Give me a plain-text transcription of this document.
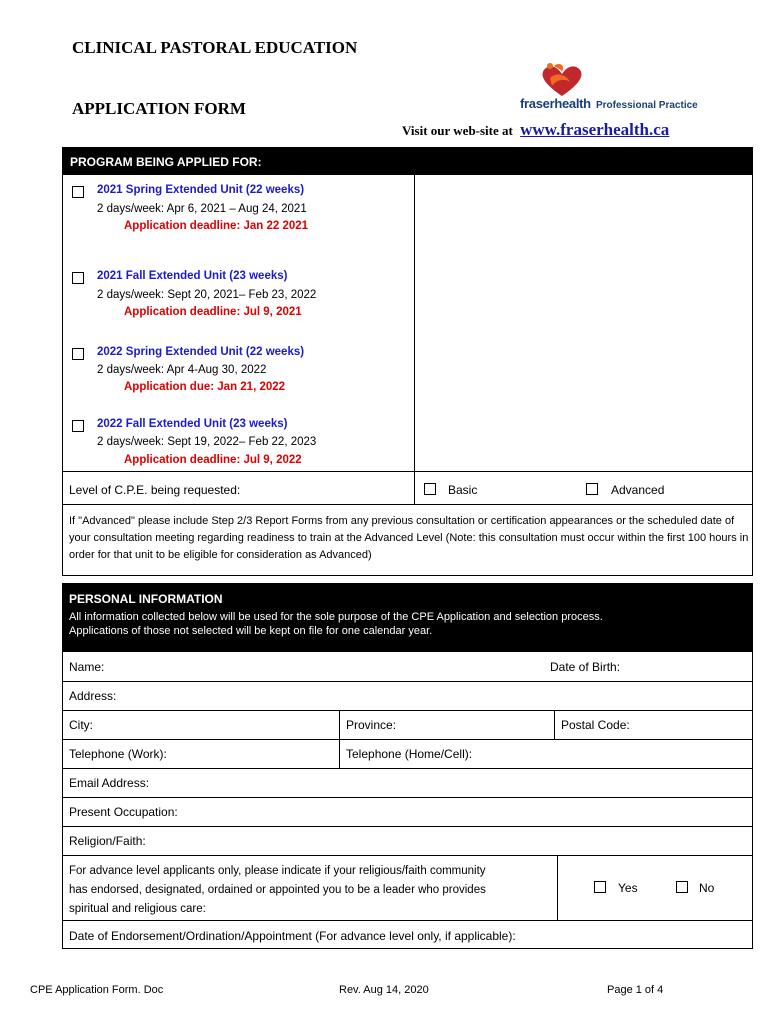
CLINICAL PASTORAL EDUCATION
APPLICATION FORM	fraserhealth Professional Practice
Visit our web-site at www.fraserhealth.ca
PROGRAM BEING APPLIED FOR:
2021 Spring Extended Unit (22 weeks)
2 days/week: Apr 6, 2021 – Aug 24, 2021
Application deadline: Jan 22 2021
2021 Fall Extended Unit (23 weeks)
2 days/week: Sept 20, 2021– Feb 23, 2022
Application deadline: Jul 9, 2021
2022 Spring Extended Unit (22 weeks)
2 days/week: Apr 4-Aug 30, 2022
Application due: Jan 21, 2022
2022 Fall Extended Unit (23 weeks)
2 days/week: Sept 19, 2022– Feb 22, 2023
Application deadline: Jul 9, 2022
Level of C.P.E. being requested:	Basic	Advanced
If "Advanced" please include Step 2/3 Report Forms from any previous consultation or certification appearances or the scheduled date of your consultation meeting regarding readiness to train at the Advanced Level (Note: this consultation must occur within the first 100 hours in order for that unit to be eligible for consideration as Advanced)
PERSONAL INFORMATION
All information collected below will be used for the sole purpose of the CPE Application and selection process.
Applications of those not selected will be kept on file for one calendar year.
Name:	Date of Birth:
Address:
City:	Province:	Postal Code:
Telephone (Work):	Telephone (Home/Cell):
Email Address:
Present Occupation:
Religion/Faith:
For advance level applicants only, please indicate if your religious/faith community
has endorsed, designated, ordained or appointed you to be a leader who provides
spiritual and religious care:
Yes	No
Date of Endorsement/Ordination/Appointment (For advance level only, if applicable):
CPE Application Form. Doc	Rev. Aug 14, 2020	Page 1 of 4
